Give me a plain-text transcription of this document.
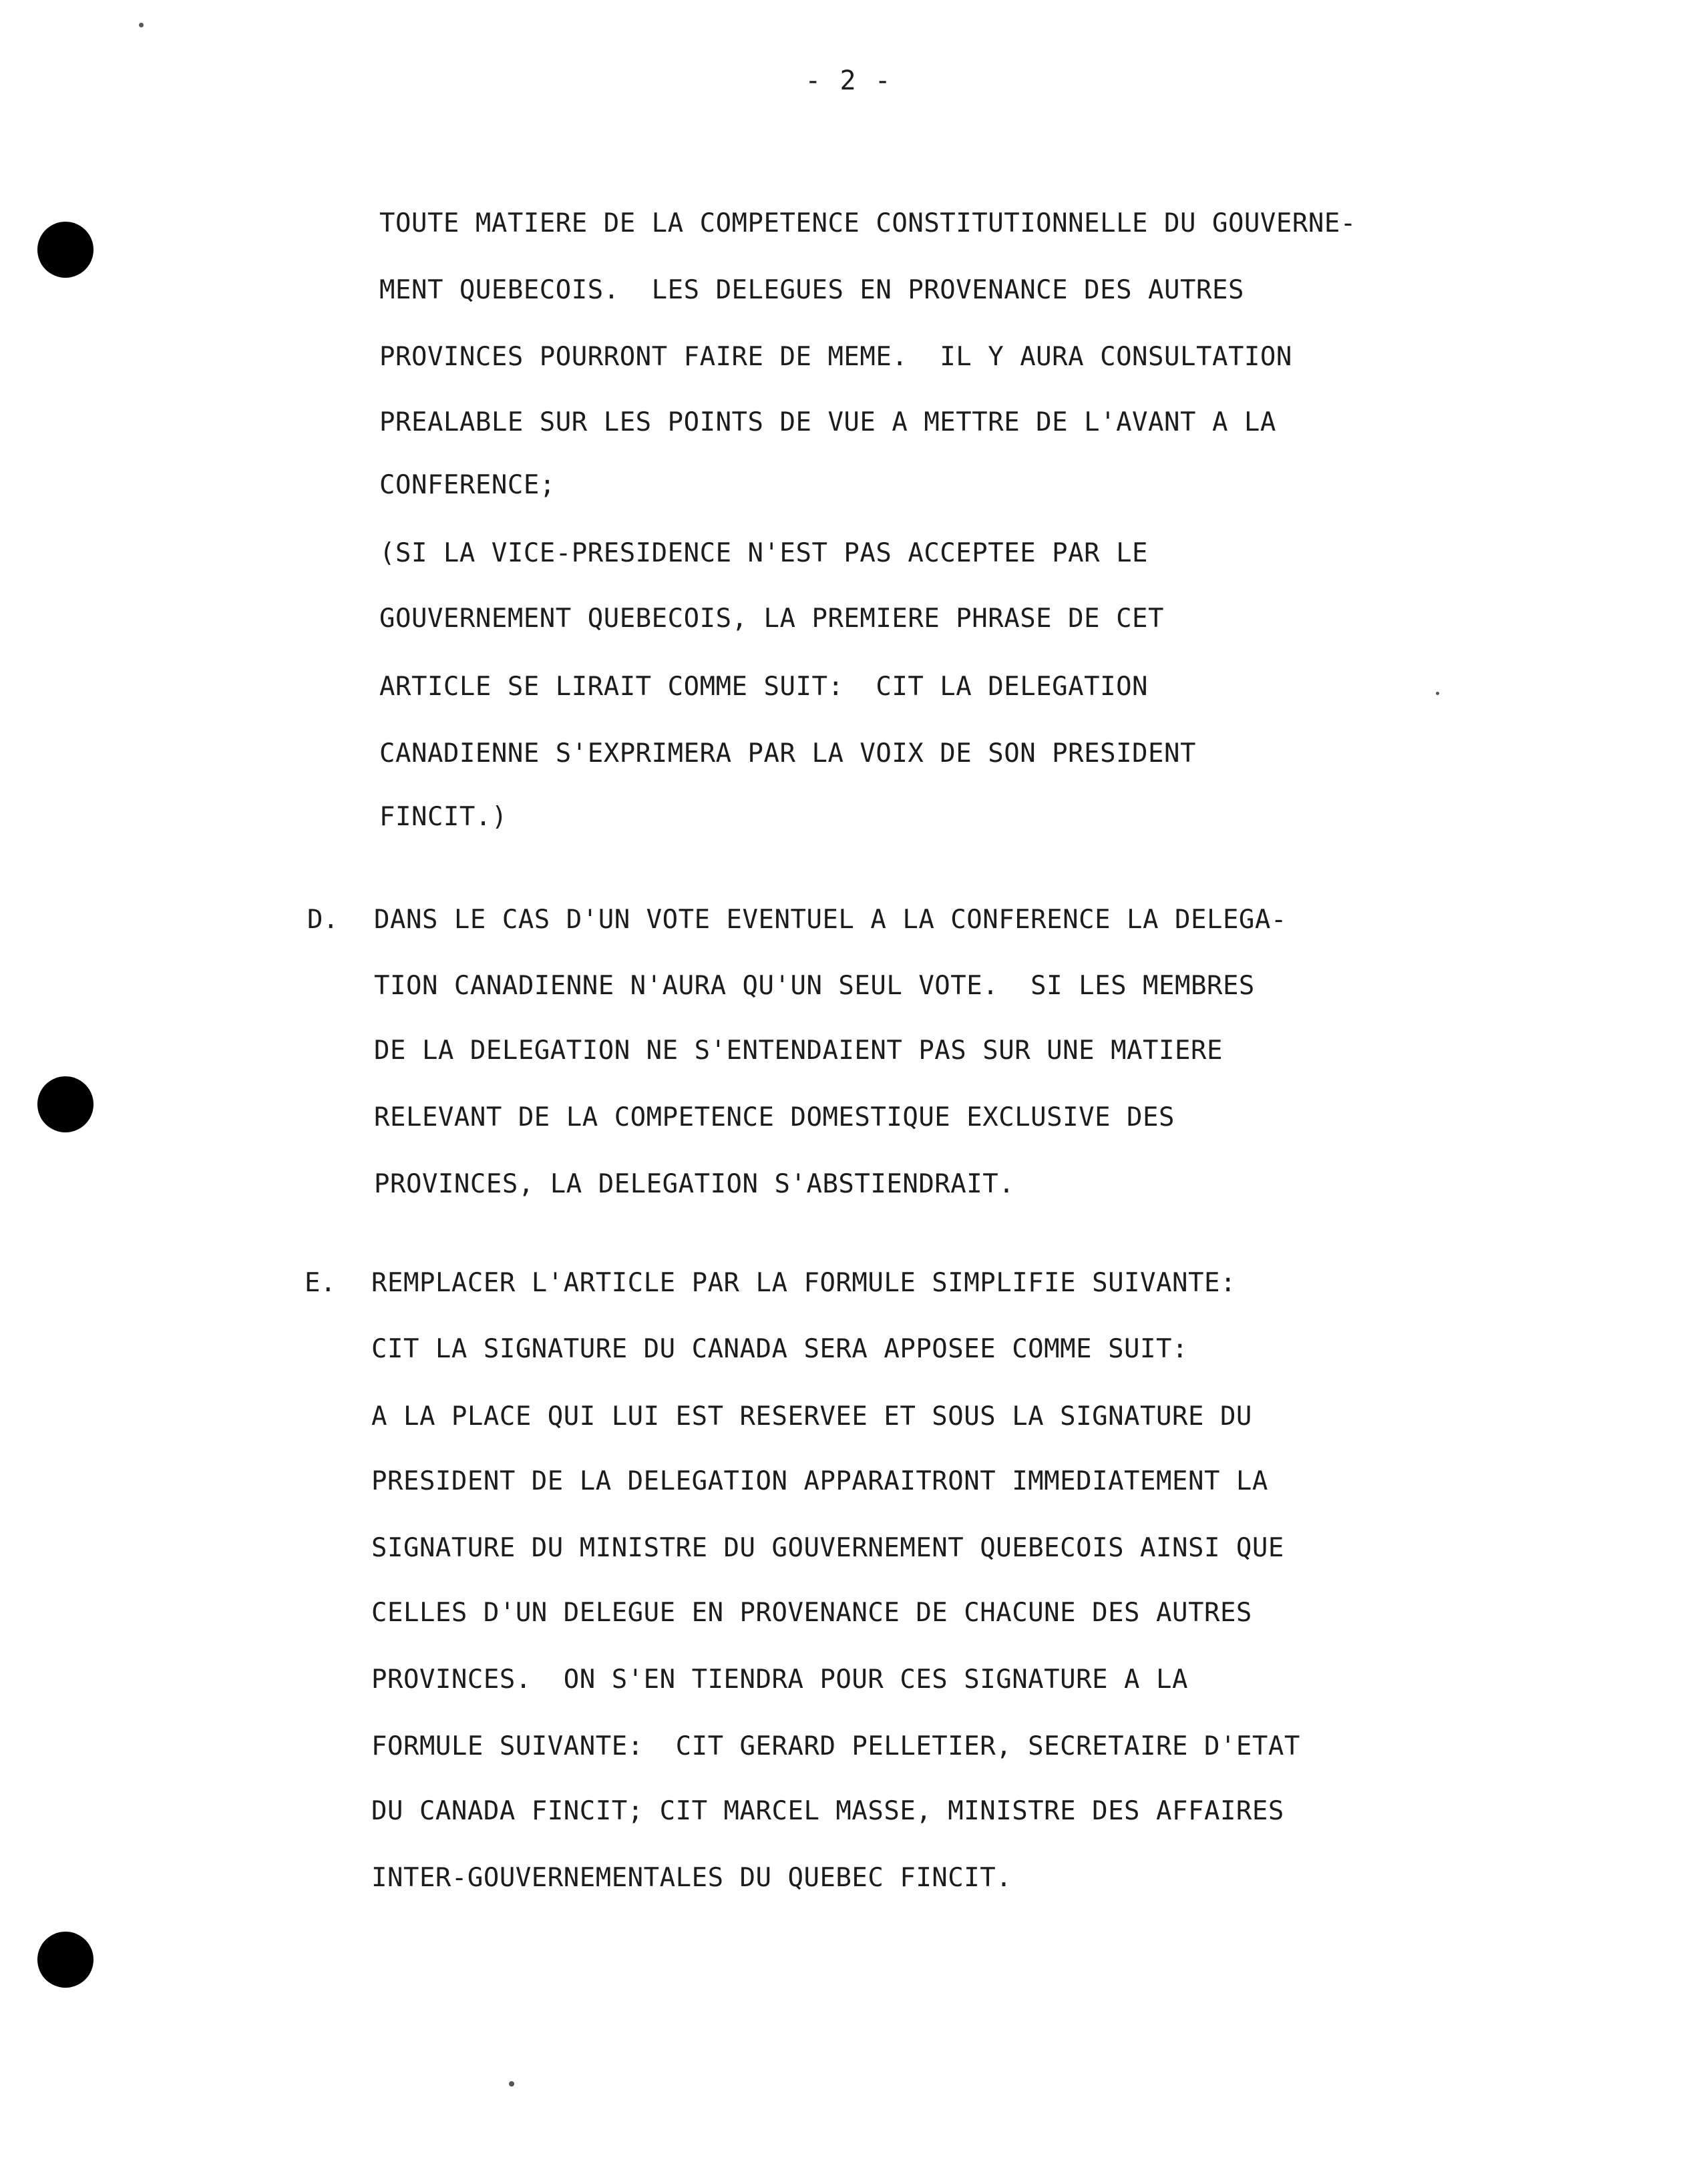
- 2 -
TOUTE MATIERE DE LA COMPETENCE CONSTITUTIONNELLE DU GOUVERNE-
MENT QUEBECOIS.  LES DELEGUES EN PROVENANCE DES AUTRES
PROVINCES POURRONT FAIRE DE MEME.  IL Y AURA CONSULTATION
PREALABLE SUR LES POINTS DE VUE A METTRE DE L'AVANT A LA
CONFERENCE;
(SI LA VICE-PRESIDENCE N'EST PAS ACCEPTEE PAR LE
GOUVERNEMENT QUEBECOIS, LA PREMIERE PHRASE DE CET
ARTICLE SE LIRAIT COMME SUIT:  CIT LA DELEGATION
CANADIENNE S'EXPRIMERA PAR LA VOIX DE SON PRESIDENT
FINCIT.)
D. DANS LE CAS D'UN VOTE EVENTUEL A LA CONFERENCE LA DELEGA-
TION CANADIENNE N'AURA QU'UN SEUL VOTE.  SI LES MEMBRES
DE LA DELEGATION NE S'ENTENDAIENT PAS SUR UNE MATIERE
RELEVANT DE LA COMPETENCE DOMESTIQUE EXCLUSIVE DES
PROVINCES, LA DELEGATION S'ABSTIENDRAIT.
E. REMPLACER L'ARTICLE PAR LA FORMULE SIMPLIFIE SUIVANTE:
CIT LA SIGNATURE DU CANADA SERA APPOSEE COMME SUIT:
A LA PLACE QUI LUI EST RESERVEE ET SOUS LA SIGNATURE DU
PRESIDENT DE LA DELEGATION APPARAITRONT IMMEDIATEMENT LA
SIGNATURE DU MINISTRE DU GOUVERNEMENT QUEBECOIS AINSI QUE
CELLES D'UN DELEGUE EN PROVENANCE DE CHACUNE DES AUTRES
PROVINCES.  ON S'EN TIENDRA POUR CES SIGNATURE A LA
FORMULE SUIVANTE:  CIT GERARD PELLETIER, SECRETAIRE D'ETAT
DU CANADA FINCIT; CIT MARCEL MASSE, MINISTRE DES AFFAIRES
INTER-GOUVERNEMENTALES DU QUEBEC FINCIT.
